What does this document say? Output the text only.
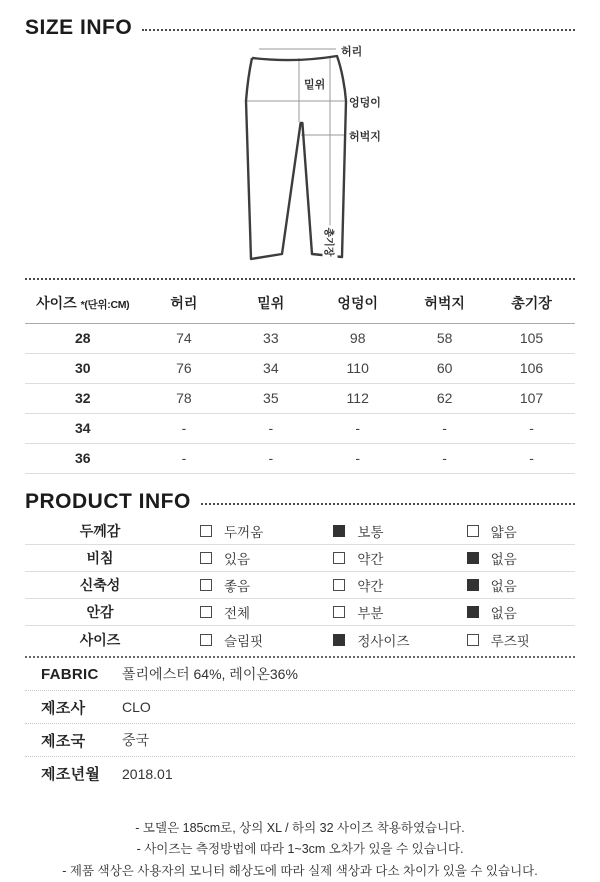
SIZE INFO
허리
밑위
엉덩이
허벅지
총기장
사이즈 *(단위:CM)	허리	밑위	엉덩이	허벅지	총기장
28	74	33	98	58	105
30	76	34	110	60	106
32	78	35	112	62	107
34	-	-	-	-	-
36	-	-	-	-	-
PRODUCT INFO
두께감	두꺼움	보통	얇음
비침	있음	약간	없음
신축성	좋음	약간	없음
안감	전체	부분	없음
사이즈	슬림핏	정사이즈	루즈핏
FABRIC	폴리에스터 64%, 레이온36%
제조사	CLO
제조국	중국
제조년월	2018.01

- 모델은 185cm로, 상의 XL / 하의 32 사이즈 착용하였습니다.

- 사이즈는 측정방법에 따라 1~3cm 오차가 있을 수 있습니다.

- 제품 색상은 사용자의 모니터 해상도에 따라 실제 색상과 다소 차이가 있을 수 있습니다.
